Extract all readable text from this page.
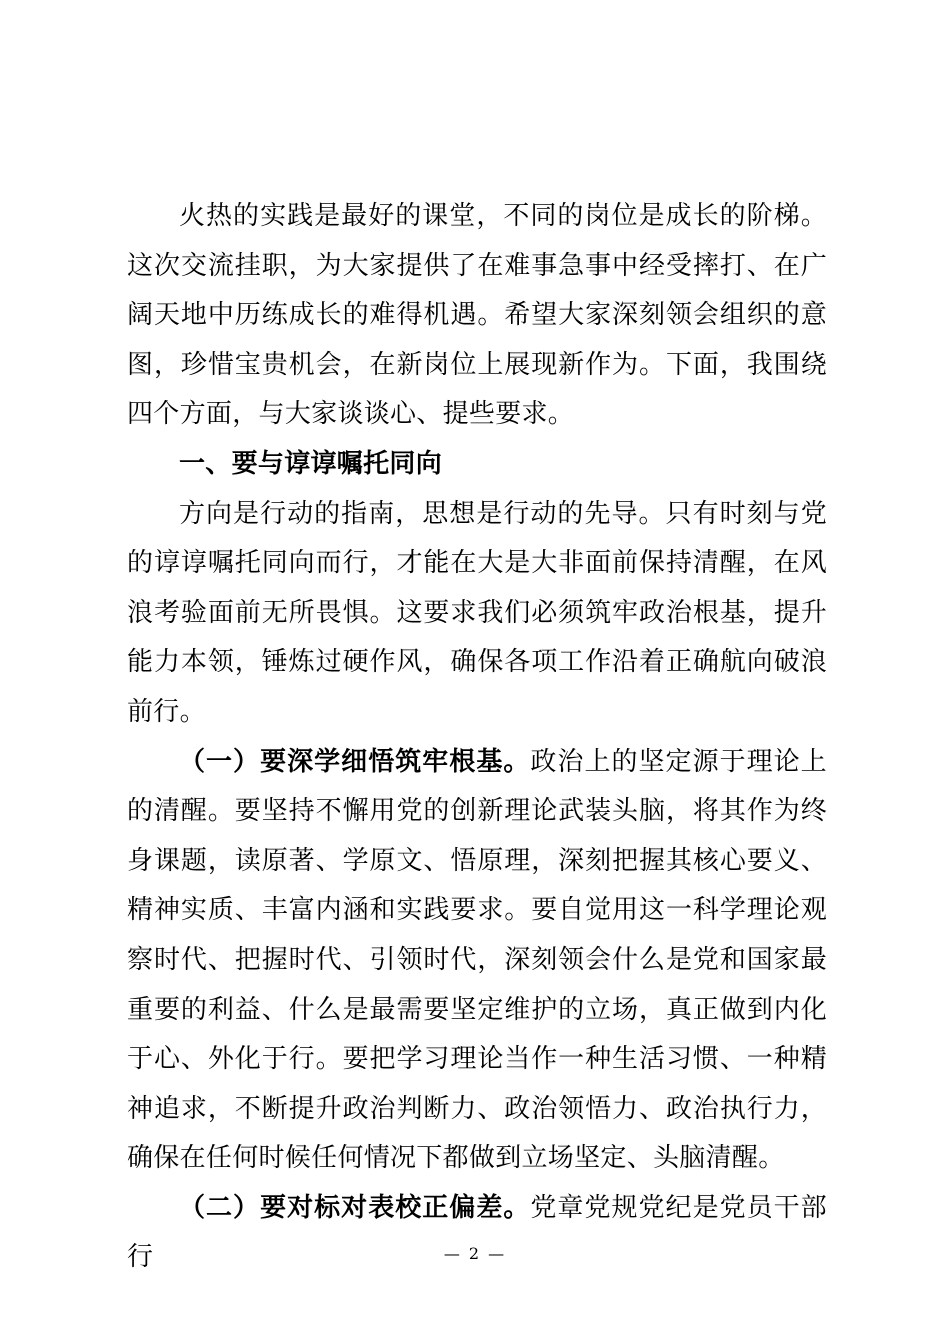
火热的实践是最好的课堂，不同的岗位是成长的阶梯。这次交流挂职，为大家提供了在难事急事中经受摔打、在广阔天地中历练成长的难得机遇。希望大家深刻领会组织的意图，珍惜宝贵机会，在新岗位上展现新作为。下面，我围绕四个方面，与大家谈谈心、提些要求。

一、要与谆谆嘱托同向

方向是行动的指南，思想是行动的先导。只有时刻与党的谆谆嘱托同向而行，才能在大是大非面前保持清醒，在风浪考验面前无所畏惧。这要求我们必须筑牢政治根基，提升能力本领，锤炼过硬作风，确保各项工作沿着正确航向破浪前行。

（一）要深学细悟筑牢根基。政治上的坚定源于理论上的清醒。要坚持不懈用党的创新理论武装头脑，将其作为终身课题，读原著、学原文、悟原理，深刻把握其核心要义、精神实质、丰富内涵和实践要求。要自觉用这一科学理论观察时代、把握时代、引领时代，深刻领会什么是党和国家最重要的利益、什么是最需要坚定维护的立场，真正做到内化于心、外化于行。要把学习理论当作一种生活习惯、一种精神追求，不断提升政治判断力、政治领悟力、政治执行力，确保在任何时候任何情况下都做到立场坚定、头脑清醒。

（二）要对标对表校正偏差。党章党规党纪是党员干部行	— 2 —
